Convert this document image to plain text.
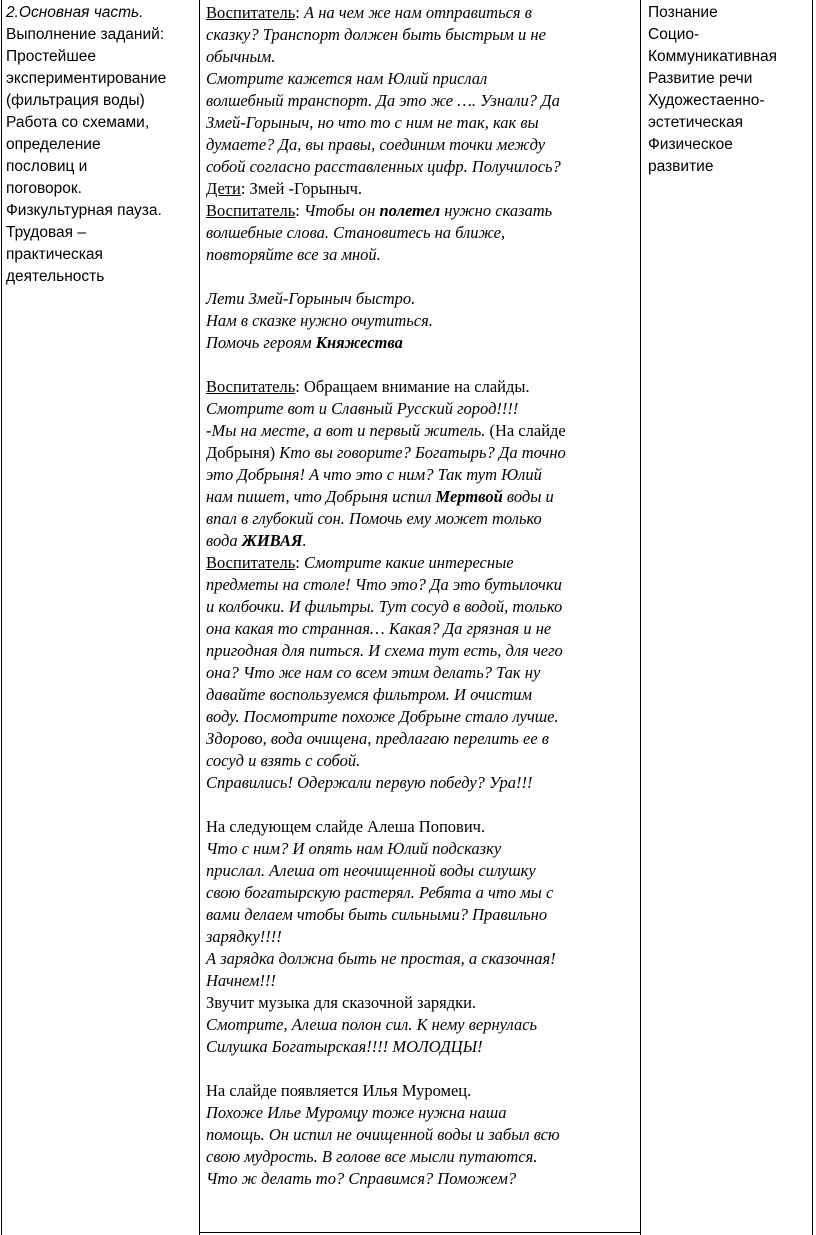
2.Основная часть.
Выполнение заданий:
Простейшее
экспериментирование
(фильтрация воды)
Работа со схемами,
определение
пословиц и
поговорок.
Физкультурная пауза.
Трудовая –
практическая
деятельность
Воспитатель: А на чем же нам отправиться в
сказку? Транспорт должен быть быстрым и не
обычным.
Смотрите кажется нам Юлий прислал
волшебный транспорт. Да это же …. Узнали? Да
Змей-Горыныч, но что то с ним не так, как вы
думаете? Да, вы правы, соединим точки между
собой согласно расставленных цифр. Получилось?
Дети: Змей -Горыныч.
Воспитатель: Чтобы он полетел нужно сказать
волшебные слова. Становитесь на ближе,
повторяйте все за мной.
Лети Змей-Горыныч быстро.
Нам в сказке нужно очутиться.
Помочь героям Княжества
Воспитатель: Обращаем внимание на слайды.
Смотрите вот и Славный Русский город!!!!
-Мы на месте, а вот и первый житель. (На слайде
Добрыня) Кто вы говорите? Богатырь? Да точно
это Добрыня! А что это с ним? Так тут Юлий
нам пишет, что Добрыня испил Мертвой воды и
впал в глубокий сон. Помочь ему может только
вода ЖИВАЯ.
Воспитатель: Смотрите какие интересные
предметы на столе! Что это? Да это бутылочки
и колбочки. И фильтры. Тут сосуд в водой, только
она какая то странная… Какая? Да грязная и не
пригодная для питься. И схема тут есть, для чего
она? Что же нам со всем этим делать? Так ну
давайте воспользуемся фильтром. И очистим
воду. Посмотрите похоже Добрыне стало лучше.
Здорово, вода очищена, предлагаю перелить ее в
сосуд и взять с собой.
Справились! Одержали первую победу? Ура!!!
На следующем слайде Алеша Попович.
Что с ним? И опять нам Юлий подсказку
прислал. Алеша от неочищенной воды силушку
свою богатырскую растерял. Ребята а что мы с
вами делаем чтобы быть сильными? Правильно
зарядку!!!!
А зарядка должна быть не простая, а сказочная!
Начнем!!!
Звучит музыка для сказочной зарядки.
Смотрите, Алеша полон сил. К нему вернулась
Силушка Богатырская!!!! МОЛОДЦЫ!
На слайде появляется Илья Муромец.
Похоже Илье Муромцу тоже нужна наша
помощь. Он испил не очищенной воды и забыл всю
свою мудрость. В голове все мысли путаются.
Что ж делать то? Справимся? Поможем?
Познание
Социо-
Коммуникативная
Развитие речи
Художестаенно-
эстетическая
Физическое
развитие
